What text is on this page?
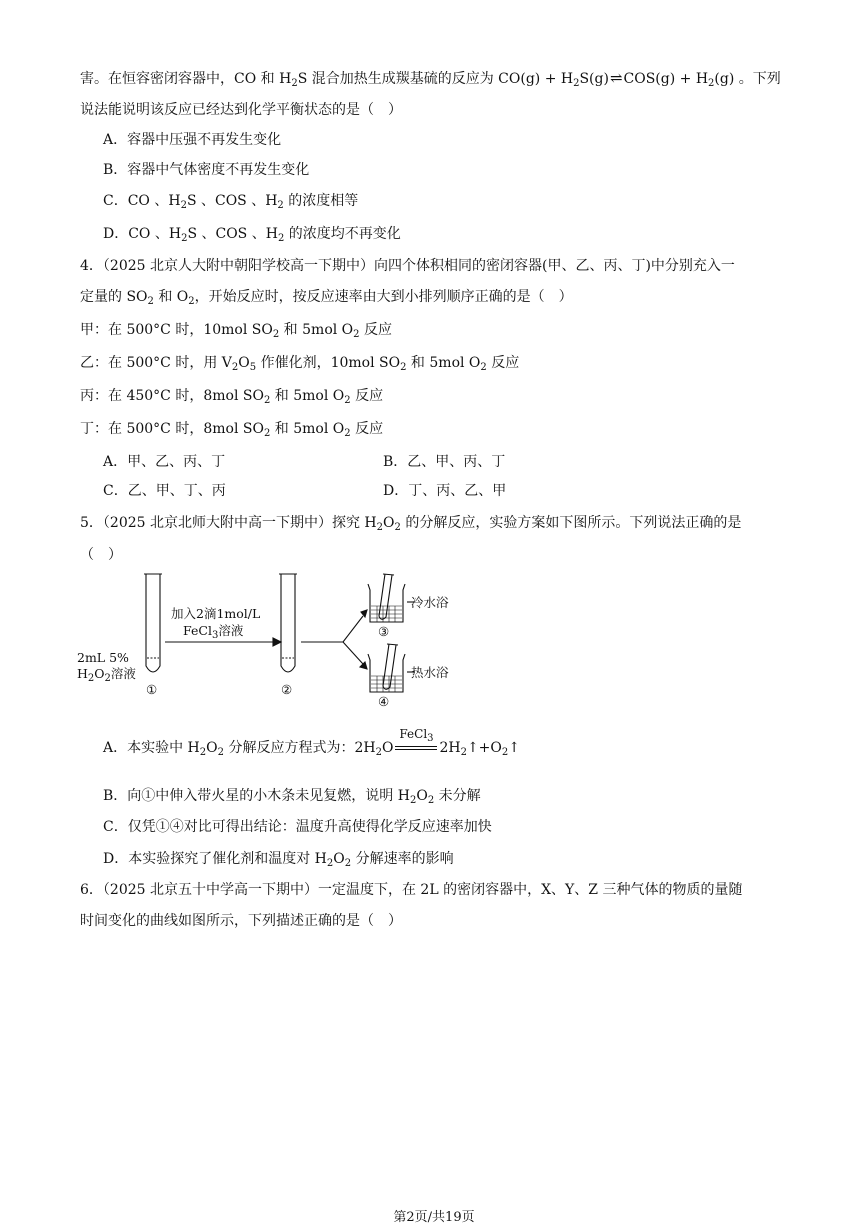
害。在恒容密闭容器中，CO 和 $H_2S$ 混合加热生成羰基硫的反应为 $CO(g) + H_2S(g)\rightleftharpoons COS(g) + H_2(g)$ 。下列
说法能说明该反应已经达到化学平衡状态的是（　）
A．容器中压强不再发生变化
B．容器中气体密度不再发生变化
C．CO 、$H_2S$ 、COS 、$H_2$ 的浓度相等
D．CO 、$H_2S$ 、COS 、$H_2$ 的浓度均不再变化
4．（2025 北京人大附中朝阳学校高一下期中）向四个体积相同的密闭容器(甲、乙、丙、丁)中分别充入一
定量的 $SO_2$ 和 $O_2$，开始反应时，按反应速率由大到小排列顺序正确的是（　）
甲：在 500°C 时，10mol $SO_2$ 和 5mol $O_2$ 反应
乙：在 500°C 时，用 $V_2O_5$ 作催化剂，10mol $SO_2$ 和 5mol $O_2$ 反应
丙：在 450°C 时，8mol $SO_2$ 和 5mol $O_2$ 反应
丁：在 500°C 时，8mol $SO_2$ 和 5mol $O_2$ 反应
A．甲、乙、丙、丁	B．乙、甲、丙、丁
C．乙、甲、丁、丙	D．丁、丙、乙、甲
5．（2025 北京北师大附中高一下期中）探究 $H_2O_2$ 的分解反应，实验方案如下图所示。下列说法正确的是
（　）
2mL 5%
$H_2O_2$溶液
加入2滴1mol/L
FeCl$_3$溶液
①	②
③
④
冷水浴
热水浴
A．本实验中 $H_2O_2$ 分解反应方程式为：$2H_2O$
FeCl$_3$
$2H_2↑+O_2↑$
B．向①中伸入带火星的小木条未见复燃，说明 $H_2O_2$ 未分解
C．仅凭①④对比可得出结论：温度升高使得化学反应速率加快
D．本实验探究了催化剂和温度对 $H_2O_2$ 分解速率的影响
6．（2025 北京五十中学高一下期中）一定温度下，在 2L 的密闭容器中，X、Y、Z 三种气体的物质的量随
时间变化的曲线如图所示，下列描述正确的是（　）
第2页/共19页
